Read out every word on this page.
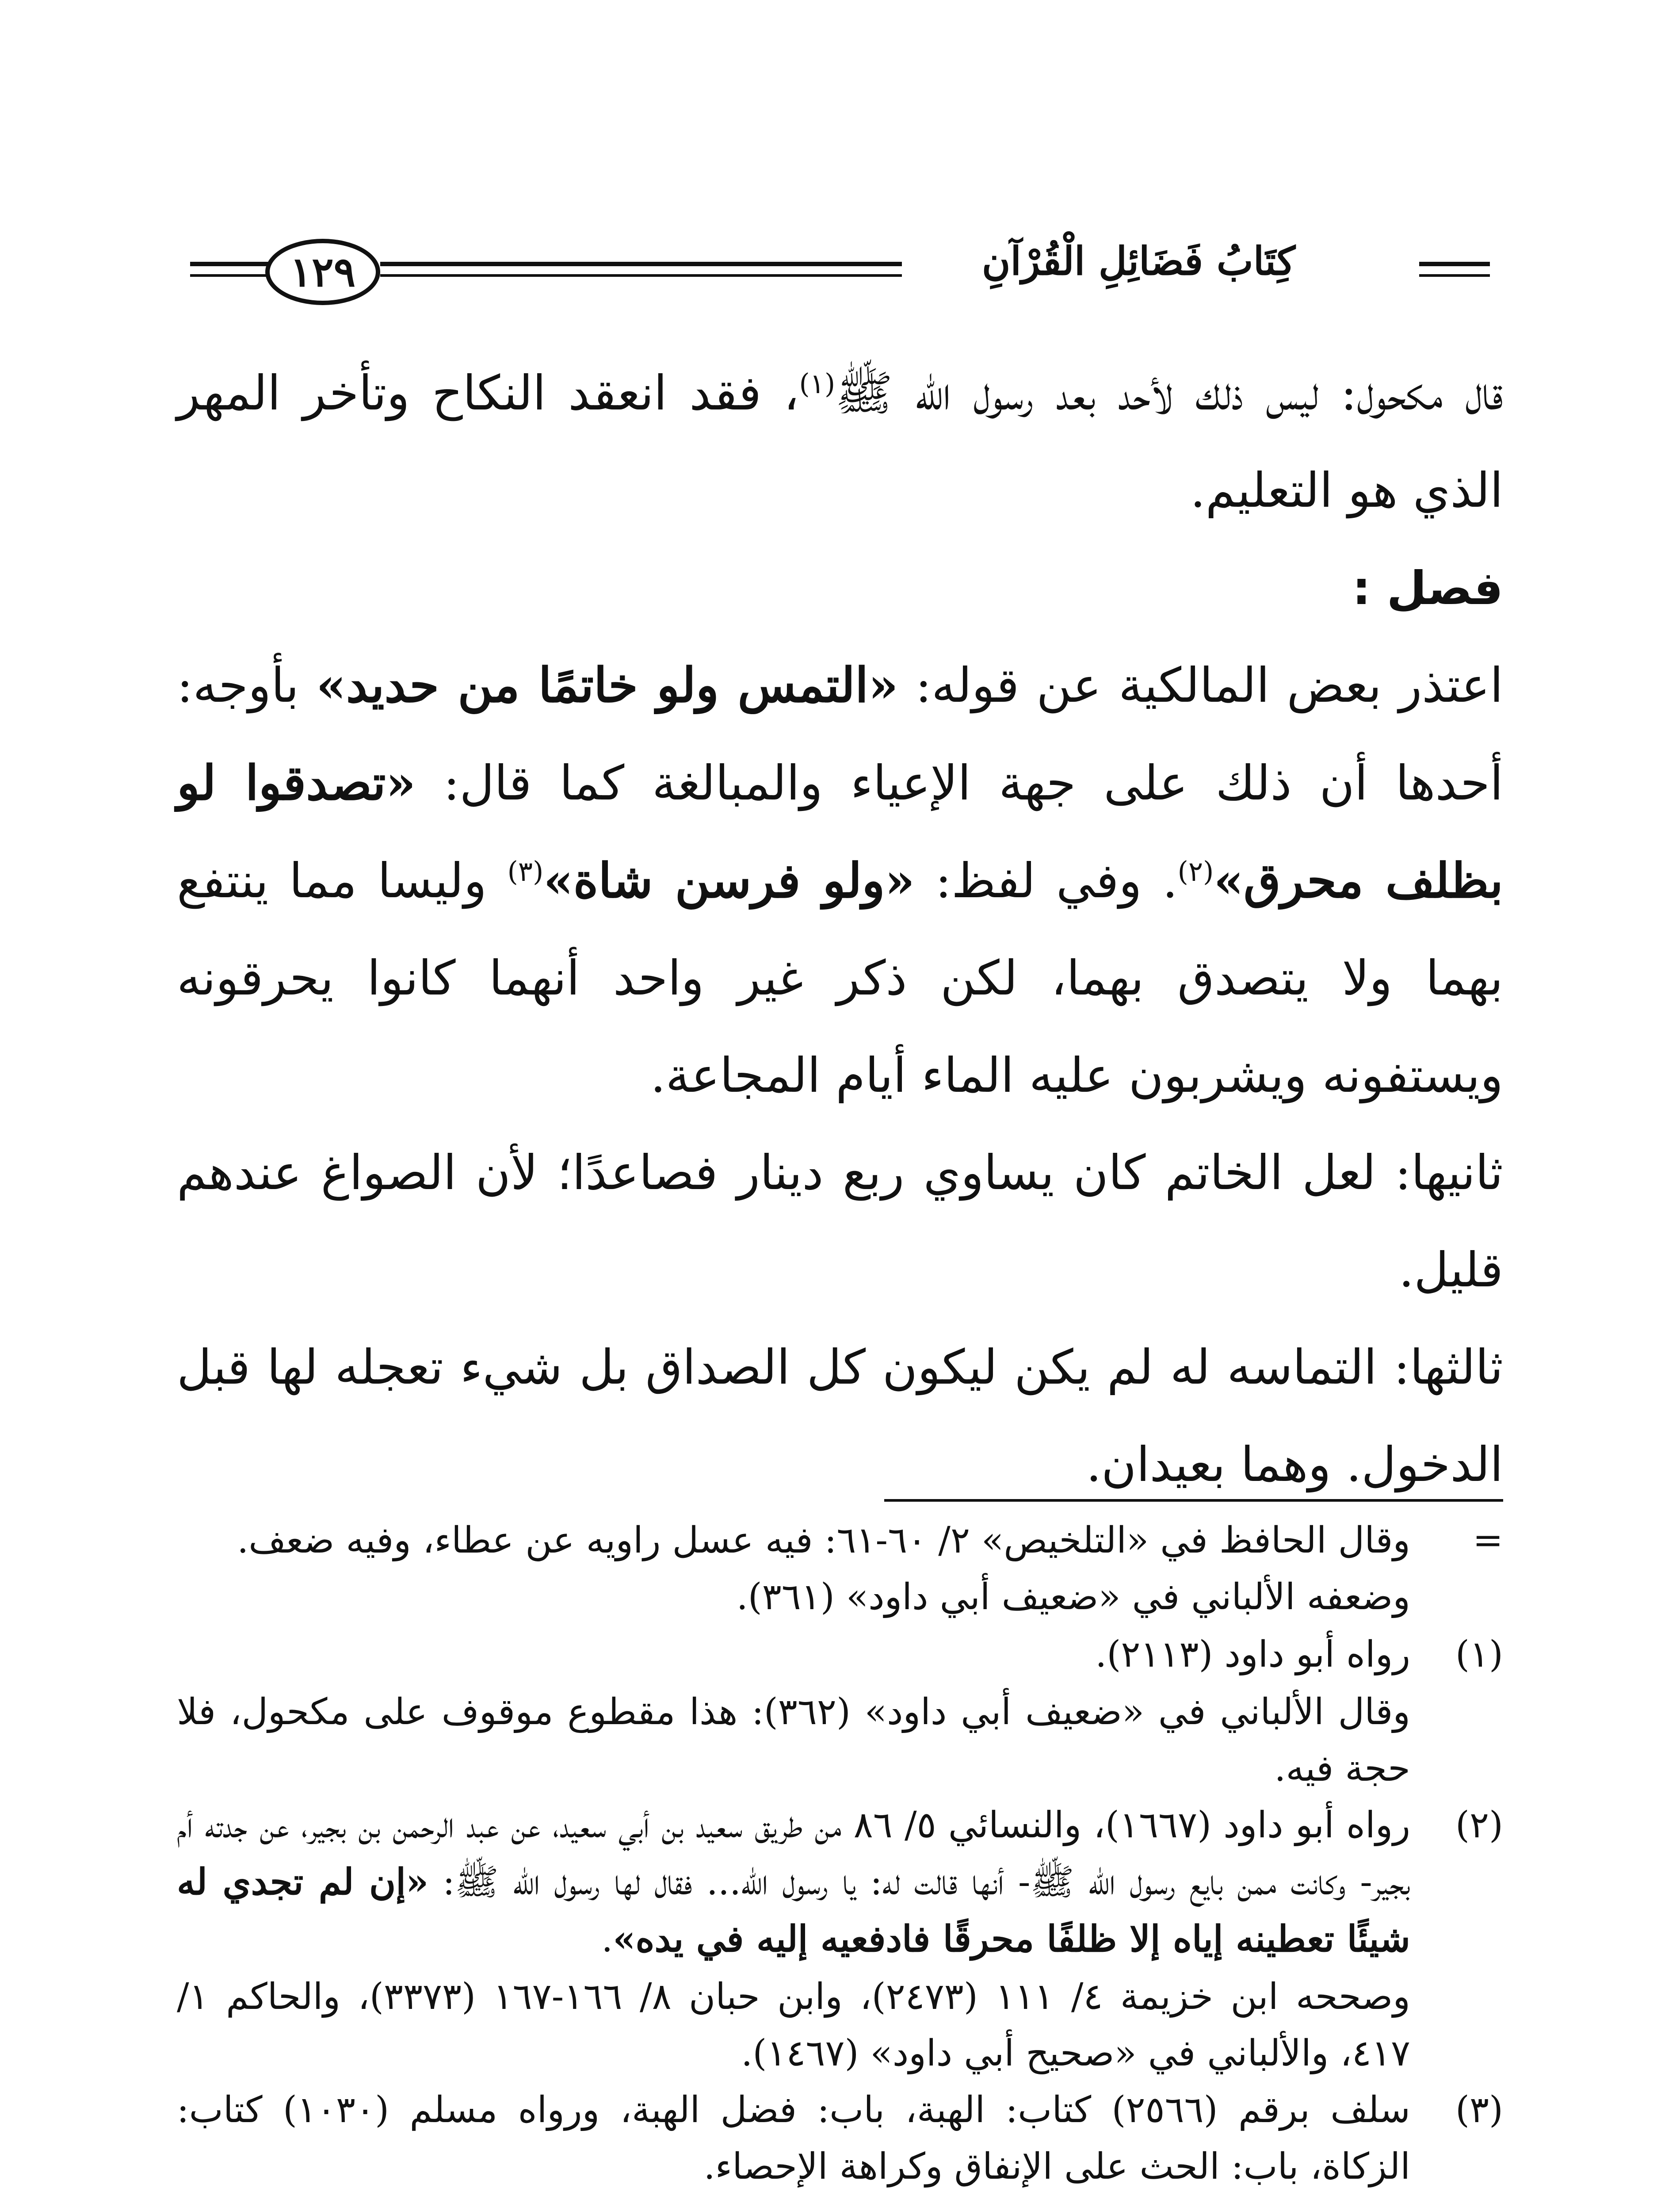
كِتَابُ فَضَائِلِ الْقُرْآنِ
١٢٩

قال مكحول: ليس ذلك لأحد بعد رسول الله ﷺ$^{(١)}$، فقد انعقد النكاح وتأخر المهر الذي هو التعليم.

فصل :

اعتذر بعض المالكية عن قوله: «التمس ولو خاتمًا من حديد» بأوجه: أحدها أن ذلك على جهة الإعياء والمبالغة كما قال: «تصدقوا لو بظلف محرق»$^{(٢)}$. وفي لفظ: «ولو فرسن شاة»$^{(٣)}$ وليسا مما ينتفع بهما ولا يتصدق بهما، لكن ذكر غير واحد أنهما كانوا يحرقونه ويستفونه ويشربون عليه الماء أيام المجاعة.

ثانيها: لعل الخاتم كان يساوي ربع دينار فصاعدًا؛ لأن الصواغ عندهم قليل.

ثالثها: التماسه له لم يكن ليكون كل الصداق بل شيء تعجله لها قبل الدخول. وهما بعيدان.

=

وقال الحافظ في «التلخيص» ٢/ ٦٠-٦١: فيه عسل راويه عن عطاء، وفيه ضعف.

وضعفه الألباني في «ضعيف أبي داود» (٣٦١).

(١)

رواه أبو داود (٢١١٣).

وقال الألباني في «ضعيف أبي داود» (٣٦٢): هذا مقطوع موقوف على مكحول، فلا حجة فيه.

(٢)

رواه أبو داود (١٦٦٧)، والنسائي ٥/ ٨٦ من طريق سعيد بن أبي سعيد، عن عبد الرحمن بن بجير، عن جدته أم بجير- وكانت ممن بايع رسول الله ﷺ- أنها قالت له: يا رسول الله... فقال لها رسول الله ﷺ: «إن لم تجدي له شيئًا تعطينه إياه إلا ظلفًا محرقًا فادفعيه إليه في يده».

وصححه ابن خزيمة ٤/ ١١١ (٢٤٧٣)، وابن حبان ٨/ ١٦٦-١٦٧ (٣٣٧٣)، والحاكم ١/ ٤١٧، والألباني في «صحيح أبي داود» (١٤٦٧).

(٣)

سلف برقم (٢٥٦٦) كتاب: الهبة، باب: فضل الهبة، ورواه مسلم (١٠٣٠) كتاب: الزكاة، باب: الحث على الإنفاق وكراهة الإحصاء.
